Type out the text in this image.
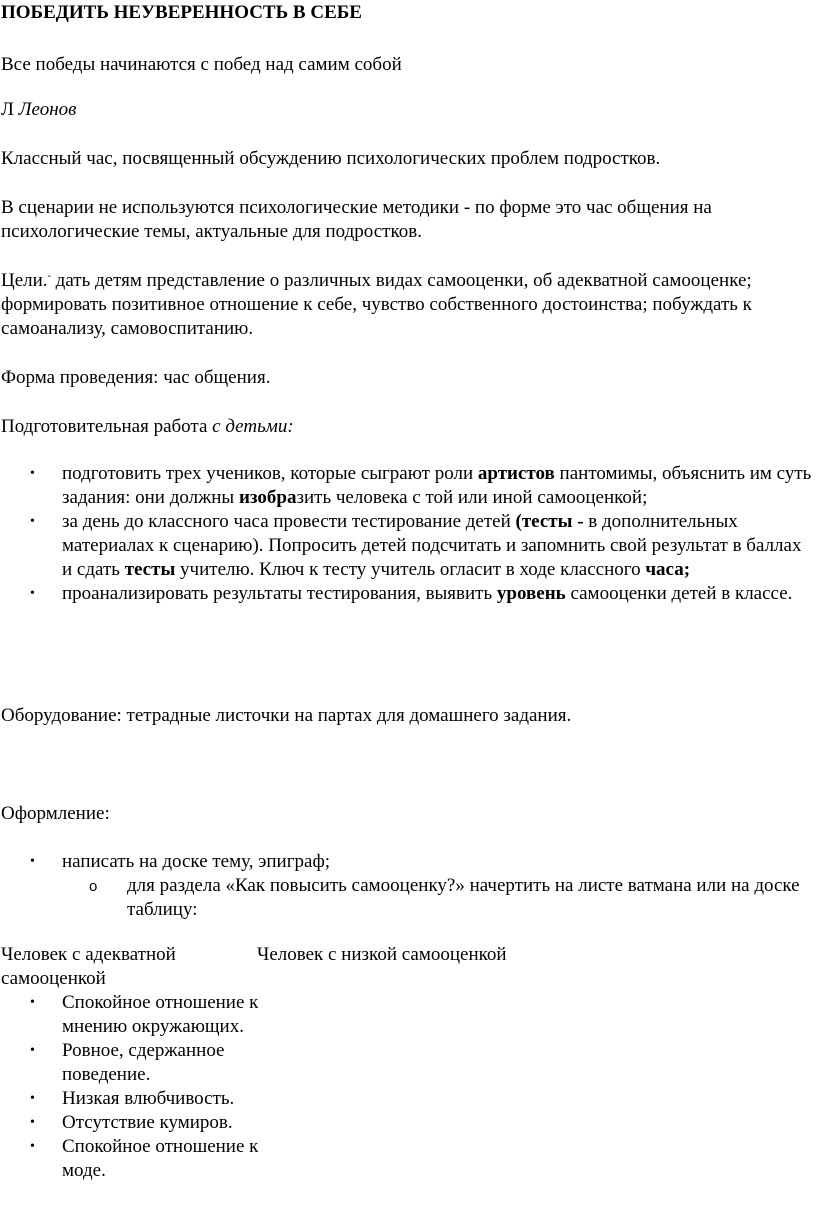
ПОБЕДИТЬ НЕУВЕРЕННОСТЬ В СЕБЕ

Все победы начинаются с побед над самим собой

Л Леонов

Классный час, посвященный обсуждению психологических проблем подростков.

В сценарии не используются психологические методики - по форме это час общения на психологические темы, актуальные для подростков.

Цели.- дать детям представление о различных видах самооценки, об адекватной самооценке; формировать позитивное отношение к себе, чувство собственного достоинства; побуждать к самоанализу, самовоспитанию.

Форма проведения: час общения.

Подготовительная работа с детьми:

• подготовить трех учеников, которые сыграют роли артистов пантомимы, объяснить им суть задания: они должны изобразить человека с той или иной самооценкой;
• за день до классного часа провести тестирование детей (тесты - в дополнительных материалах к сценарию). Попросить детей подсчитать и запомнить свой результат в баллах и сдать тесты учителю. Ключ к тесту учитель огласит в ходе классного часа;
• проанализировать результаты тестирования, выявить уровень самооценки детей в классе.

Оборудование: тетрадные листочки на партах для домашнего задания.

Оформление:

• написать на доске тему, эпиграф;

o для раздела «Как повысить самооценку?» начертить на листе ватмана или на доске таблицу:

Человек с адекватной самооценкой

Человек с низкой самооценкой

• Спокойное отношение к мнению окружающих.
• Ровное, сдержанное поведение.
• Низкая влюбчивость.
• Отсутствие кумиров.
• Спокойное отношение к моде.
